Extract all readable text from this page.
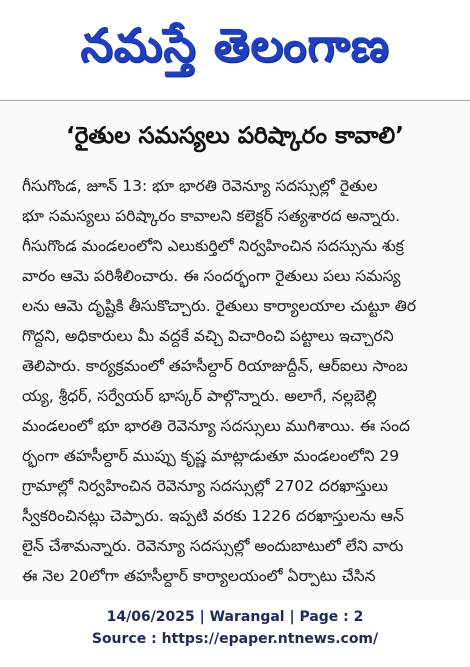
నమస్తే తెలంగాణ
‘రైతుల సమస్యలు పరిష్కారం కావాలి’
గీసుగొండ, జూన్ 13: భూ భారతి రెవెన్యూ సదస్సుల్లో రైతుల
భూ సమస్యలు పరిష్కారం కావాలని కలెక్టర్ సత్యశారద అన్నారు.
గీసుగొండ మండలంలోని ఎలుకుర్తిలో నిర్వహించిన సదస్సును శుక్ర
వారం ఆమె పరిశీలించారు. ఈ సందర్భంగా రైతులు పలు సమస్య
లను ఆమె దృష్టికి తీసుకొచ్చారు. రైతులు కార్యాలయాల చుట్టూ తిర
గొద్దని, అధికారులు మీ వద్దకే వచ్చి విచారించి పట్టాలు ఇచ్చారని
తెలిపారు. కార్యక్రమంలో తహసీల్దార్ రియాజుద్దీన్, ఆర్ఐలు సాంబ
య్య, శ్రీధర్, సర్వేయర్ భాస్కర్ పాల్గొన్నారు. అలాగే, నల్లబెల్లి
మండలంలో భూ భారతి రెవెన్యూ సదస్సులు ముగిశాయి. ఈ సంద
ర్భంగా తహసీల్దార్ ముప్పు కృష్ణ మాట్లాడుతూ మండలంలోని 29
గ్రామాల్లో నిర్వహించిన రెవెన్యూ సదస్సుల్లో 2702 దరఖాస్తులు
స్వీకరించినట్లు చెప్పారు. ఇప్పటి వరకు 1226 దరఖాస్తులను ఆన్
లైన్ చేశామన్నారు. రెవెన్యూ సదస్సుల్లో అందుబాటులో లేని వారు
ఈ నెల 20లోగా తహసీల్దార్ కార్యాలయంలో ఏర్పాటు చేసిన
14/06/2025 | Warangal | Page : 2
Source : https://epaper.ntnews.com/
